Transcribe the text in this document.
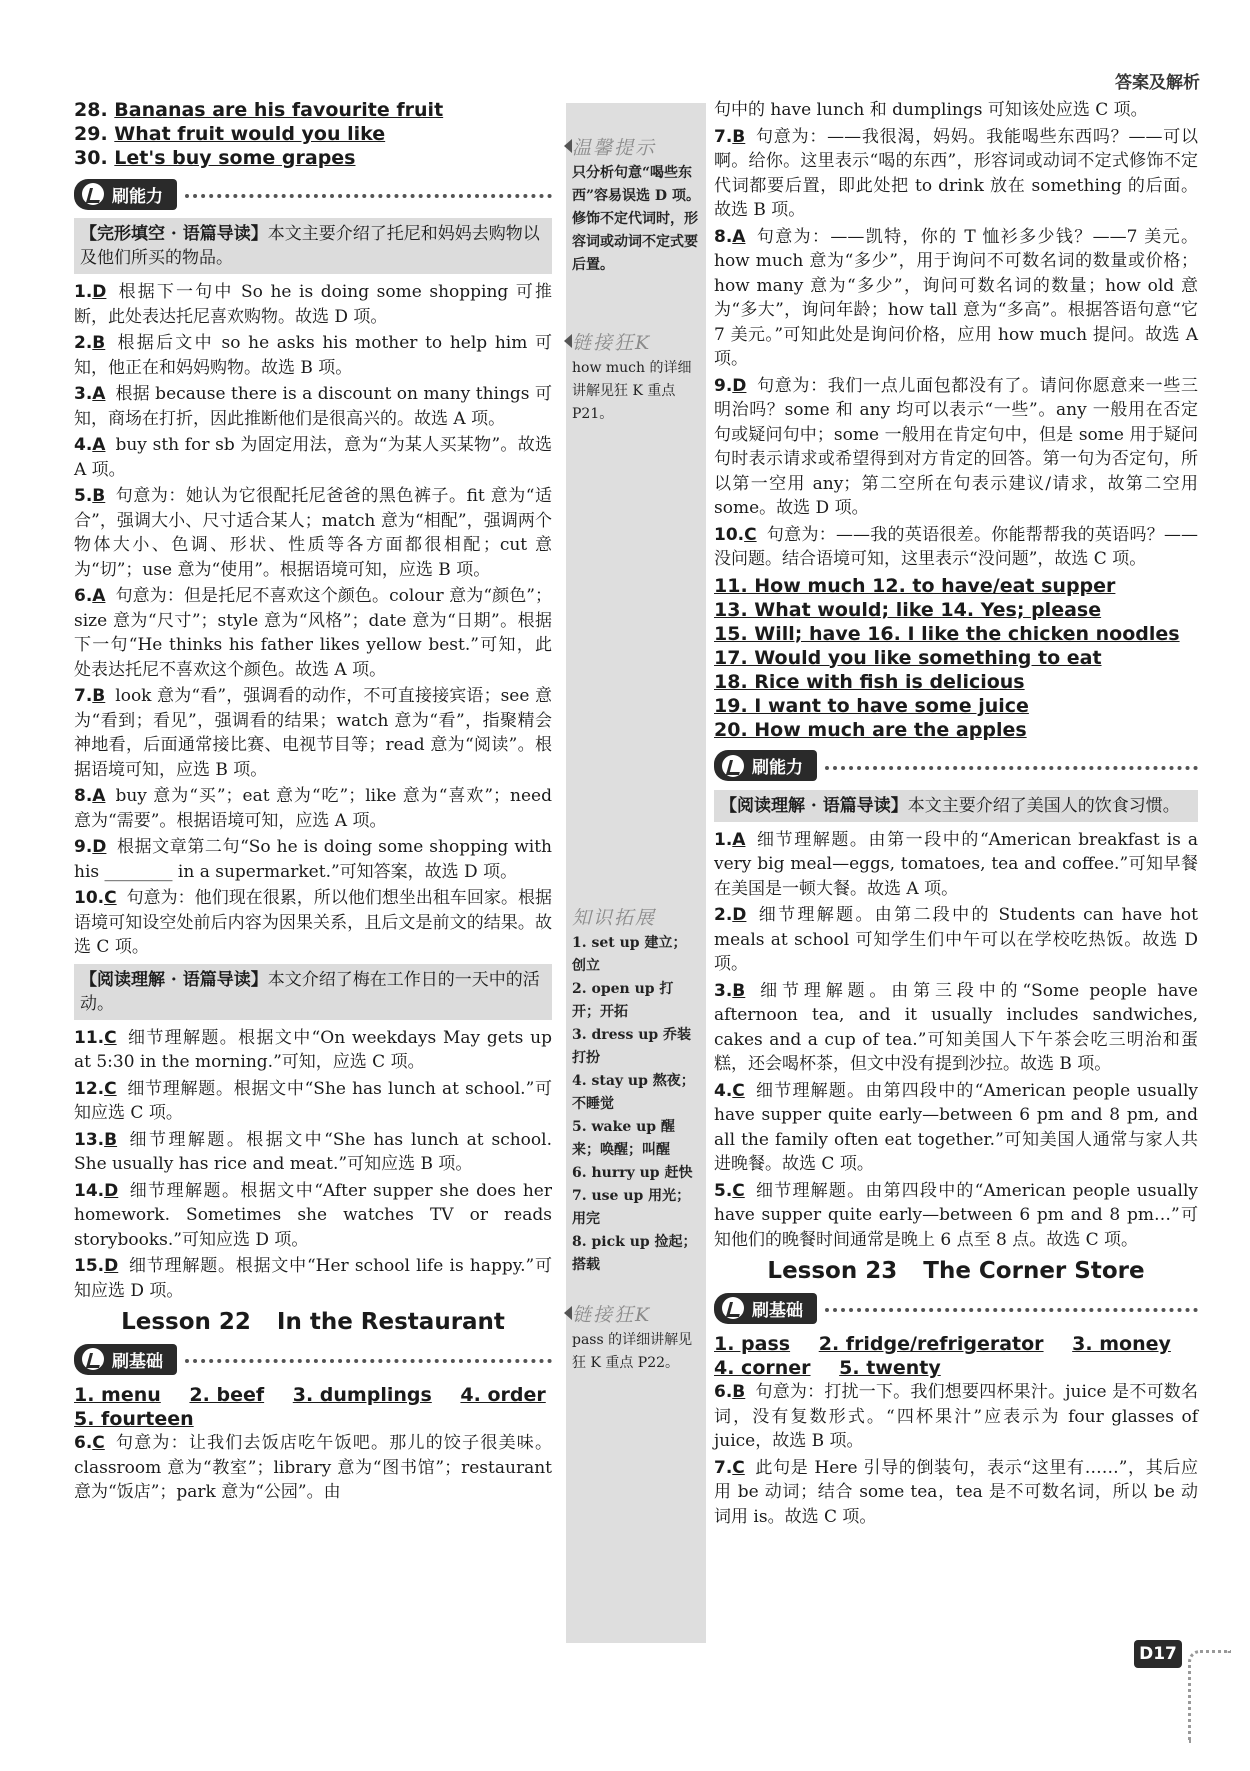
答案及解析
28. Bananas are his favourite fruit
29. What fruit would you like
30. Let's buy some grapes
刷能力
【完形填空 · 语篇导读】本文主要介绍了托尼和妈妈去购物以及他们所买的物品。
1.D 根据下一句中 So he is doing some shopping 可推断，此处表达托尼喜欢购物。故选 D 项。
2.B 根据后文中 so he asks his mother to help him 可知，他正在和妈妈购物。故选 B 项。
3.A 根据 because there is a discount on many things 可知，商场在打折，因此推断他们是很高兴的。故选 A 项。
4.A buy sth for sb 为固定用法，意为“为某人买某物”。故选 A 项。
5.B 句意为：她认为它很配托尼爸爸的黑色裤子。fit 意为“适合”，强调大小、尺寸适合某人；match 意为“相配”，强调两个物体大小、色调、形状、性质等各方面都很相配；cut 意为“切”；use 意为“使用”。根据语境可知，应选 B 项。
6.A 句意为：但是托尼不喜欢这个颜色。colour 意为“颜色”；size 意为“尺寸”；style 意为“风格”；date 意为“日期”。根据下一句“He thinks his father likes yellow best.”可知，此处表达托尼不喜欢这个颜色。故选 A 项。
7.B look 意为“看”，强调看的动作，不可直接接宾语；see 意为“看到；看见”，强调看的结果；watch 意为“看”，指聚精会神地看，后面通常接比赛、电视节目等；read 意为“阅读”。根据语境可知，应选 B 项。
8.A buy 意为“买”；eat 意为“吃”；like 意为“喜欢”；need 意为“需要”。根据语境可知，应选 A 项。
9.D 根据文章第二句“So he is doing some shopping with his ________ in a supermarket.”可知答案，故选 D 项。
10.C 句意为：他们现在很累，所以他们想坐出租车回家。根据语境可知设空处前后内容为因果关系，且后文是前文的结果。故选 C 项。
【阅读理解 · 语篇导读】本文介绍了梅在工作日的一天中的活动。
11.C 细节理解题。根据文中“On weekdays May gets up at 5:30 in the morning.”可知，应选 C 项。
12.C 细节理解题。根据文中“She has lunch at school.”可知应选 C 项。
13.B 细节理解题。根据文中“She has lunch at school. She usually has rice and meat.”可知应选 B 项。
14.D 细节理解题。根据文中“After supper she does her homework. Sometimes she watches TV or reads storybooks.”可知应选 D 项。
15.D 细节理解题。根据文中“Her school life is happy.”可知应选 D 项。
Lesson 22 In the Restaurant
刷基础
1. menu 2. beef 3. dumplings 4. order
5. fourteen
6.C 句意为：让我们去饭店吃午饭吧。那儿的饺子很美味。classroom 意为“教室”；library 意为“图书馆”；restaurant 意为“饭店”；park 意为“公园”。由
温馨提示
只分析句意“喝些东西”容易误选 D 项。修饰不定代词时，形容词或动词不定式要后置。
链接狂K
how much 的详细讲解见狂 K 重点 P21。
知识拓展
1. set up 建立；创立
2. open up 打开；开拓
3. dress up 乔装打扮
4. stay up 熬夜；不睡觉
5. wake up 醒来；唤醒；叫醒
6. hurry up 赶快
7. use up 用光；用完
8. pick up 捡起；搭载
链接狂K
pass 的详细讲解见狂 K 重点 P22。
句中的 have lunch 和 dumplings 可知该处应选 C 项。
7.B 句意为：——我很渴，妈妈。我能喝些东西吗？——可以啊。给你。这里表示“喝的东西”，形容词或动词不定式修饰不定代词都要后置，即此处把 to drink 放在 something 的后面。故选 B 项。
8.A 句意为：——凯特，你的 T 恤衫多少钱？——7 美元。how much 意为“多少”，用于询问不可数名词的数量或价格；how many 意为“多少”，询问可数名词的数量；how old 意为“多大”，询问年龄；how tall 意为“多高”。根据答语句意“它 7 美元。”可知此处是询问价格，应用 how much 提问。故选 A 项。
9.D 句意为：我们一点儿面包都没有了。请问你愿意来一些三明治吗？some 和 any 均可以表示“一些”。any 一般用在否定句或疑问句中；some 一般用在肯定句中，但是 some 用于疑问句时表示请求或希望得到对方肯定的回答。第一句为否定句，所以第一空用 any；第二空所在句表示建议/请求，故第二空用 some。故选 D 项。
10.C 句意为：——我的英语很差。你能帮帮我的英语吗？——没问题。结合语境可知，这里表示“没问题”，故选 C 项。
11. How much 12. to have/eat supper
13. What would; like 14. Yes; please
15. Will; have 16. I like the chicken noodles
17. Would you like something to eat
18. Rice with fish is delicious
19. I want to have some juice
20. How much are the apples
刷能力
【阅读理解 · 语篇导读】本文主要介绍了美国人的饮食习惯。
1.A 细节理解题。由第一段中的“American breakfast is a very big meal—eggs, tomatoes, tea and coffee.”可知早餐在美国是一顿大餐。故选 A 项。
2.D 细节理解题。由第二段中的 Students can have hot meals at school 可知学生们中午可以在学校吃热饭。故选 D 项。
3.B 细节理解题。由第三段中的“Some people have afternoon tea, and it usually includes sandwiches, cakes and a cup of tea.”可知美国人下午茶会吃三明治和蛋糕，还会喝杯茶，但文中没有提到沙拉。故选 B 项。
4.C 细节理解题。由第四段中的“American people usually have supper quite early—between 6 pm and 8 pm, and all the family often eat together.”可知美国人通常与家人共进晚餐。故选 C 项。
5.C 细节理解题。由第四段中的“American people usually have supper quite early—between 6 pm and 8 pm…”可知他们的晚餐时间通常是晚上 6 点至 8 点。故选 C 项。
Lesson 23 The Corner Store
刷基础
1. pass 2. fridge/refrigerator 3. money
4. corner 5. twenty
6.B 句意为：打扰一下。我们想要四杯果汁。juice 是不可数名词，没有复数形式。“四杯果汁”应表示为 four glasses of juice，故选 B 项。
7.C 此句是 Here 引导的倒装句，表示“这里有……”，其后应用 be 动词；结合 some tea，tea 是不可数名词，所以 be 动词用 is。故选 C 项。
D17
